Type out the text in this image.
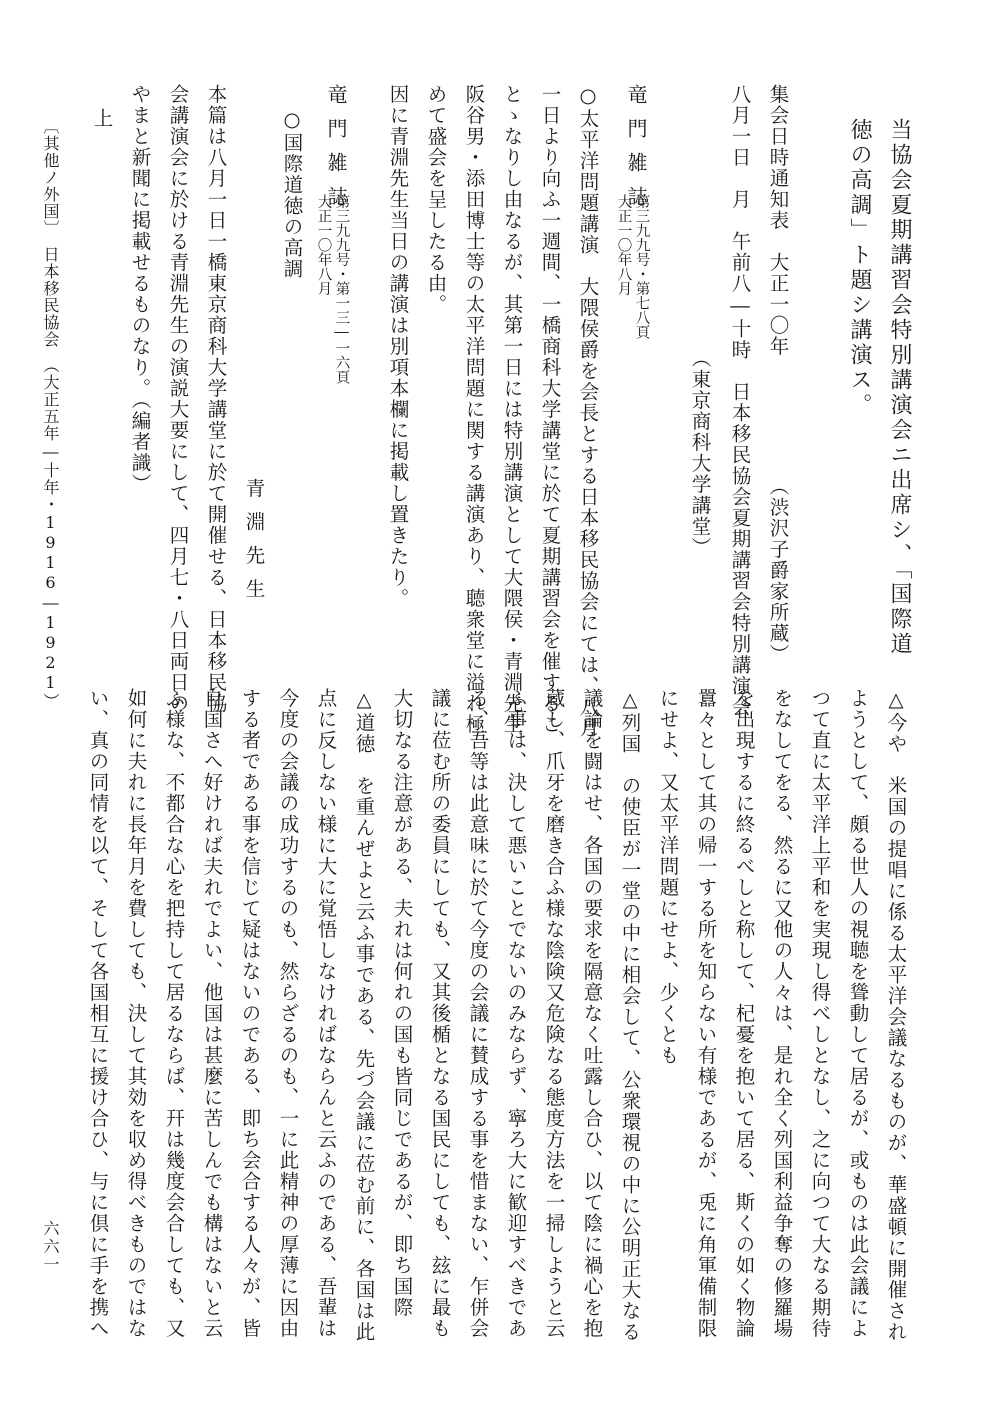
当協会夏期講習会特別講演会ニ出席シ、「国際道
徳の高調」ト題シ講演ス。
集会日時通知表　大正一〇年
（渋沢子爵家所蔵）
八月一日　月　午前八―十時　日本移民協会夏期講習会特別講演会
（東京商科大学講堂）
竜門雑誌
第三九九号・第七八頁
大正一〇年八月
○太平洋問題講演　大隈侯爵を会長とする日本移民協会にては、八月
一日より向ふ一週間、一橋商科大学講堂に於て夏期講習会を催するこ
とゝなりし由なるが、其第一日には特別講演として大隈侯・青淵先生
阪谷男・添田博士等の太平洋問題に関する講演あり、聴衆堂に溢れ極
めて盛会を呈したる由。
因に青淵先生当日の講演は別項本欄に掲載し置きたり。
竜門雑誌
第三九九号・第一三―一六頁
大正一〇年八月
○国際道徳の高調
青淵先生
本篇は八月一日一橋東京商科大学講堂に於て開催せる、日本移民協
会講演会に於ける青淵先生の演説大要にして、四月七・八日両日の
やまと新聞に掲載せるものなり。（編者識）
上
〔其他ノ外国〕　日本移民協会　（大正五年―十年・1916―1921）
△今や　米国の提唱に係る太平洋会議なるものが、華盛頓に開催され
ようとして、頗る世人の視聴を聳動して居るが、或ものは此会議によ
つて直に太平洋上平和を実現し得べしとなし、之に向つて大なる期待
をなしてをる、然るに又他の人々は、是れ全く列国利益争奪の修羅場
を出現するに終るべしと称して、杞憂を抱いて居る、斯くの如く物論
囂々として其の帰一する所を知らない有様であるが、兎に角軍備制限
にせよ、又太平洋問題にせよ、少くとも
△列国　の使臣が一堂の中に相会して、公衆環視の中に公明正大なる
議論を闘はせ、各国の要求を隔意なく吐露し合ひ、以て陰に禍心を抱
蔵し、爪牙を磨き合ふ様な陰険又危険なる態度方法を一掃しようと云
ふ事は、決して悪いことでないのみならず、寧ろ大に歓迎すべきであ
る、吾等は此意味に於て今度の会議に賛成する事を惜まない、乍併会
議に莅む所の委員にしても、又其後楯となる国民にしても、玆に最も
大切なる注意がある、夫れは何れの国も皆同じであるが、即ち国際
△道徳　を重んぜよと云ふ事である、先づ会議に莅む前に、各国は此
点に反しない様に大に覚悟しなければならんと云ふのである、吾輩は
今度の会議の成功するのも、然らざるのも、一に此精神の厚薄に因由
する者である事を信じて疑はないのである、即ち会合する人々が、皆
自国さへ好ければ夫れでよい、他国は甚麼に苦しんでも構はないと云
ふ様な、不都合な心を把持して居るならば、幵は幾度会合しても、又
如何に夫れに長年月を費しても、決して其効を収め得べきものではな
い、真の同情を以て、そして各国相互に援け合ひ、与に倶に手を携へ
六六一
